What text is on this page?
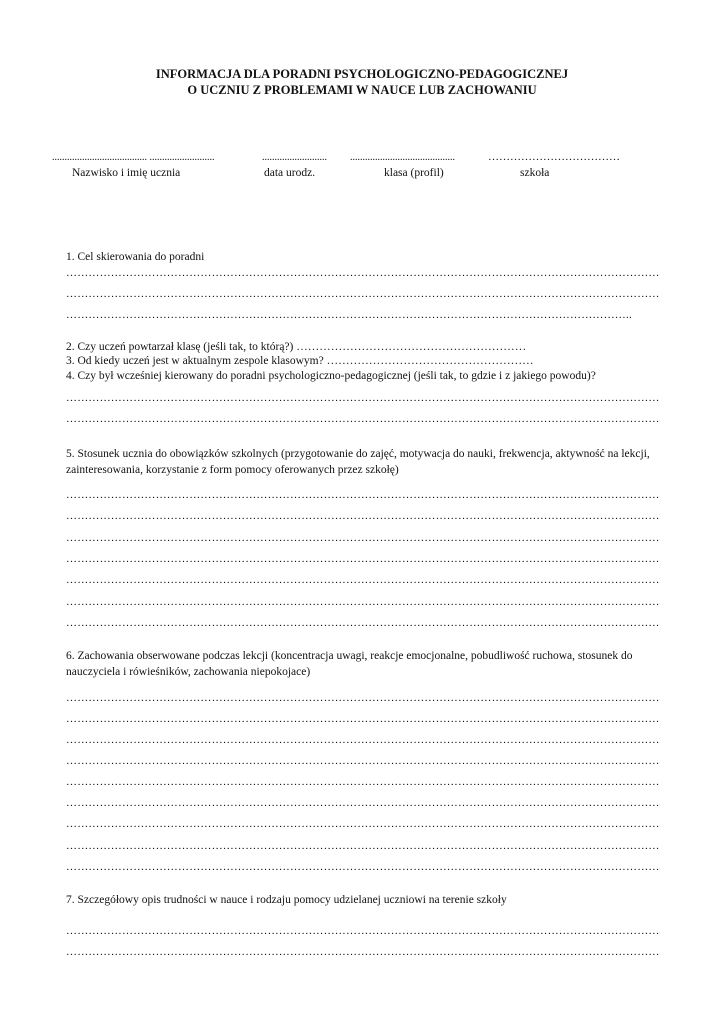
INFORMACJA DLA PORADNI PSYCHOLOGICZNO-PEDAGOGICZNEJ
O UCZNIU Z PROBLEMAMI W NAUCE LUB ZACHOWANIU
...................................... ..........................	..........................	..........................................	………………………………
Nazwisko i imię ucznia	data urodz.	klasa (profil)	szkoła
1. Cel skierowania do poradni
……………………………………………………………………………………………………………………………………………
……………………………………………………………………………………………………………………………………………
……………………………………………………………………………………………………………………………………..
2. Czy uczeń powtarzał klasę (jeśli tak, to którą?) ……………………………………………………
3. Od kiedy uczeń jest w aktualnym zespole klasowym? ………………………………………………
4. Czy był wcześniej kierowany do poradni psychologiczno-pedagogicznej (jeśli tak, to gdzie i z jakiego powodu)?
……………………………………………………………………………………………………………………………………………
……………………………………………………………………………………………………………………………………………
5. Stosunek ucznia do obowiązków szkolnych (przygotowanie do zajęć, motywacja do nauki, frekwencja, aktywność na lekcji, zainteresowania, korzystanie z form pomocy oferowanych przez szkołę)
……………………………………………………………………………………………………………………………………………
……………………………………………………………………………………………………………………………………………
……………………………………………………………………………………………………………………………………………
……………………………………………………………………………………………………………………………………………
……………………………………………………………………………………………………………………………………………
……………………………………………………………………………………………………………………………………………
……………………………………………………………………………………………………………………………………………
6. Zachowania obserwowane podczas lekcji (koncentracja uwagi, reakcje emocjonalne, pobudliwość ruchowa, stosunek do nauczyciela i rówieśników, zachowania niepokojace)
……………………………………………………………………………………………………………………………………………
……………………………………………………………………………………………………………………………………………
……………………………………………………………………………………………………………………………………………
……………………………………………………………………………………………………………………………………………
……………………………………………………………………………………………………………………………………………
……………………………………………………………………………………………………………………………………………
……………………………………………………………………………………………………………………………………………
……………………………………………………………………………………………………………………………………………
……………………………………………………………………………………………………………………………………………
7. Szczegółowy opis trudności w nauce i rodzaju pomocy udzielanej uczniowi na terenie szkoły
……………………………………………………………………………………………………………………………………………
……………………………………………………………………………………………………………………………………………
